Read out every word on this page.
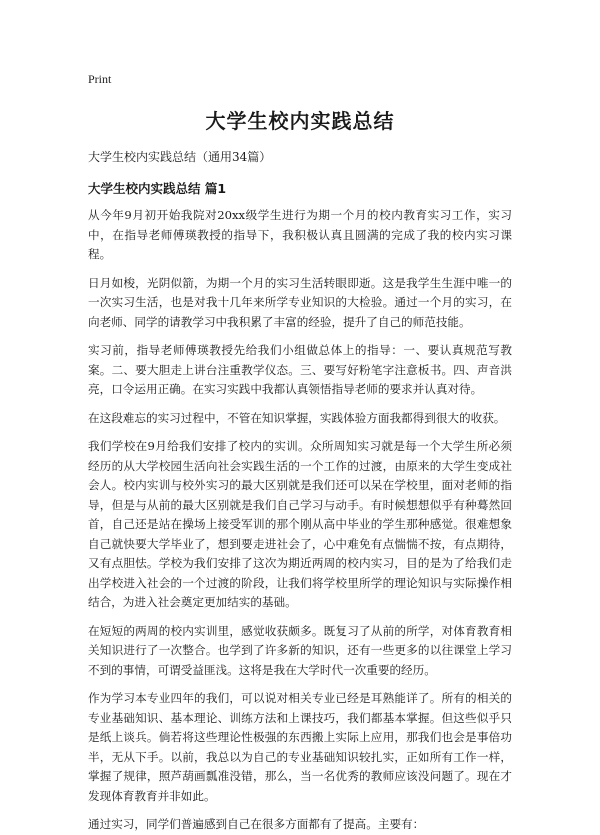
Print
大学生校内实践总结
大学生校内实践总结（通用34篇）
大学生校内实践总结 篇1

从今年9月初开始我院对20xx级学生进行为期一个月的校内教育实习工作，实习中，在指导老师傅瑛教授的指导下，我积极认真且圆满的完成了我的校内实习课程。

日月如梭，光阴似箭，为期一个月的实习生活转眼即逝。这是我学生生涯中唯一的一次实习生活，也是对我十几年来所学专业知识的大检验。通过一个月的实习，在向老师、同学的请教学习中我积累了丰富的经验，提升了自己的师范技能。

实习前，指导老师傅瑛教授先给我们小组做总体上的指导：一、要认真规范写教案。二、要大胆走上讲台注重教学仪态。三、要写好粉笔字注意板书。四、声音洪亮，口令运用正确。在实习实践中我都认真领悟指导老师的要求并认真对待。

在这段难忘的实习过程中，不管在知识掌握，实践体验方面我都得到很大的收获。

我们学校在9月给我们安排了校内的实训。众所周知实习就是每一个大学生所必须经历的从大学校园生活向社会实践生活的一个工作的过渡，由原来的大学生变成社会人。校内实训与校外实习的最大区别就是我们还可以呆在学校里，面对老师的指导，但是与从前的最大区别就是我们自己学习与动手。有时候想想似乎有种蓦然回首，自己还是站在操场上接受军训的那个刚从高中毕业的学生那种感觉。很难想象自己就快要大学毕业了，想到要走进社会了，心中难免有点惴惴不按，有点期待，又有点胆怯。学校为我们安排了这次为期近两周的校内实习，目的是为了给我们走出学校进入社会的一个过渡的阶段，让我们将学校里所学的理论知识与实际操作相结合，为进入社会奠定更加结实的基础。

在短短的两周的校内实训里，感觉收获颇多。既复习了从前的所学，对体育教育相关知识进行了一次整合。也学到了许多新的知识，还有一些更多的以往课堂上学习不到的事情，可谓受益匪浅。这将是我在大学时代一次重要的经历。

作为学习本专业四年的我们，可以说对相关专业已经是耳熟能详了。所有的相关的专业基础知识、基本理论、训练方法和上课技巧，我们都基本掌握。但这些似乎只是纸上谈兵。倘若将这些理论性极强的东西搬上实际上应用，那我们也会是事倍功半，无从下手。以前，我总以为自己的专业基础知识较扎实，正如所有工作一样，掌握了规律，照芦葫画瓢准没错，那么，当一名优秀的教师应该没问题了。现在才发现体育教育并非如此。

通过实习，同学们普遍感到自己在很多方面都有了提高。主要有：
